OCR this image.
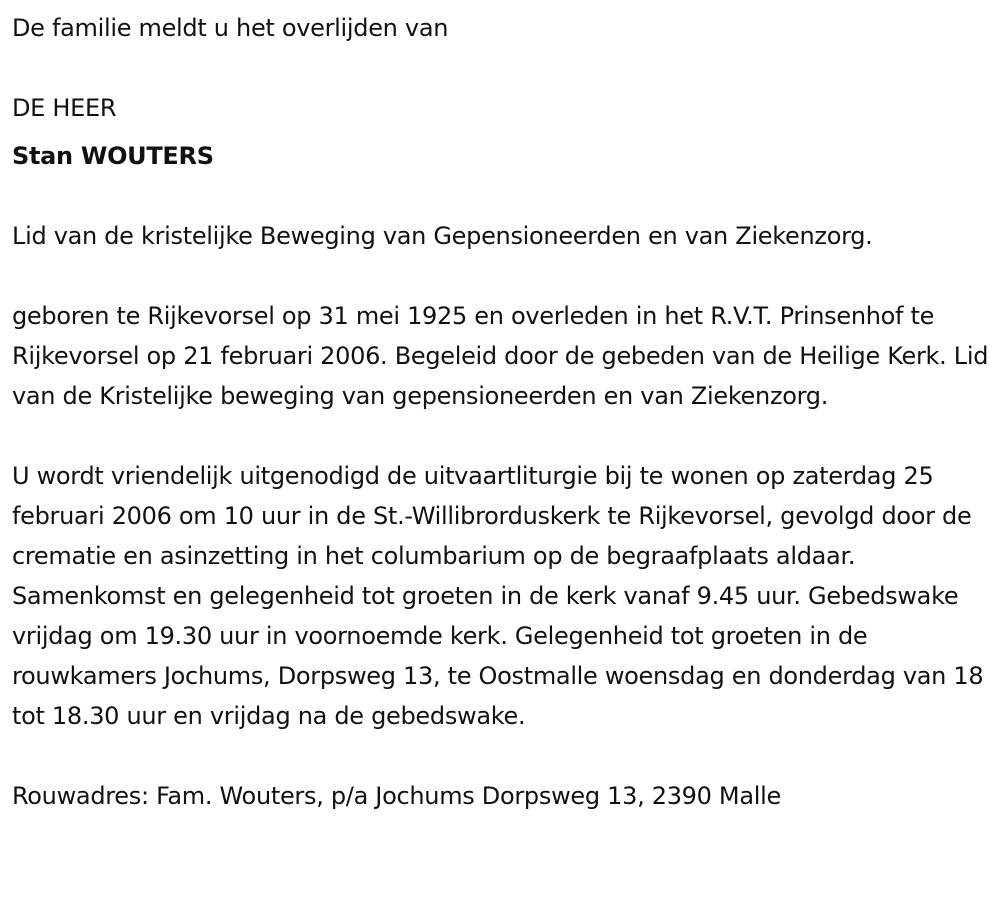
De familie meldt u het overlijden van

DE HEER

Stan WOUTERS

Lid van de kristelijke Beweging van Gepensioneerden en van Ziekenzorg.

geboren te Rijkevorsel op 31 mei 1925 en overleden in het R.V.T. Prinsenhof te Rijkevorsel op 21 februari 2006. Begeleid door de gebeden van de Heilige Kerk. Lid van de Kristelijke beweging van gepensioneerden en van Ziekenzorg.

U wordt vriendelijk uitgenodigd de uitvaartliturgie bij te wonen op zaterdag 25 februari 2006 om 10 uur in de St.-Willibrorduskerk te Rijkevorsel, gevolgd door de crematie en asinzetting in het columbarium op de begraafplaats aldaar. Samenkomst en gelegenheid tot groeten in de kerk vanaf 9.45 uur. Gebedswake vrijdag om 19.30 uur in voornoemde kerk. Gelegenheid tot groeten in de rouwkamers Jochums, Dorpsweg 13, te Oostmalle woensdag en donderdag van 18 tot 18.30 uur en vrijdag na de gebedswake.

Rouwadres: Fam. Wouters, p/a Jochums Dorpsweg 13, 2390 Malle
